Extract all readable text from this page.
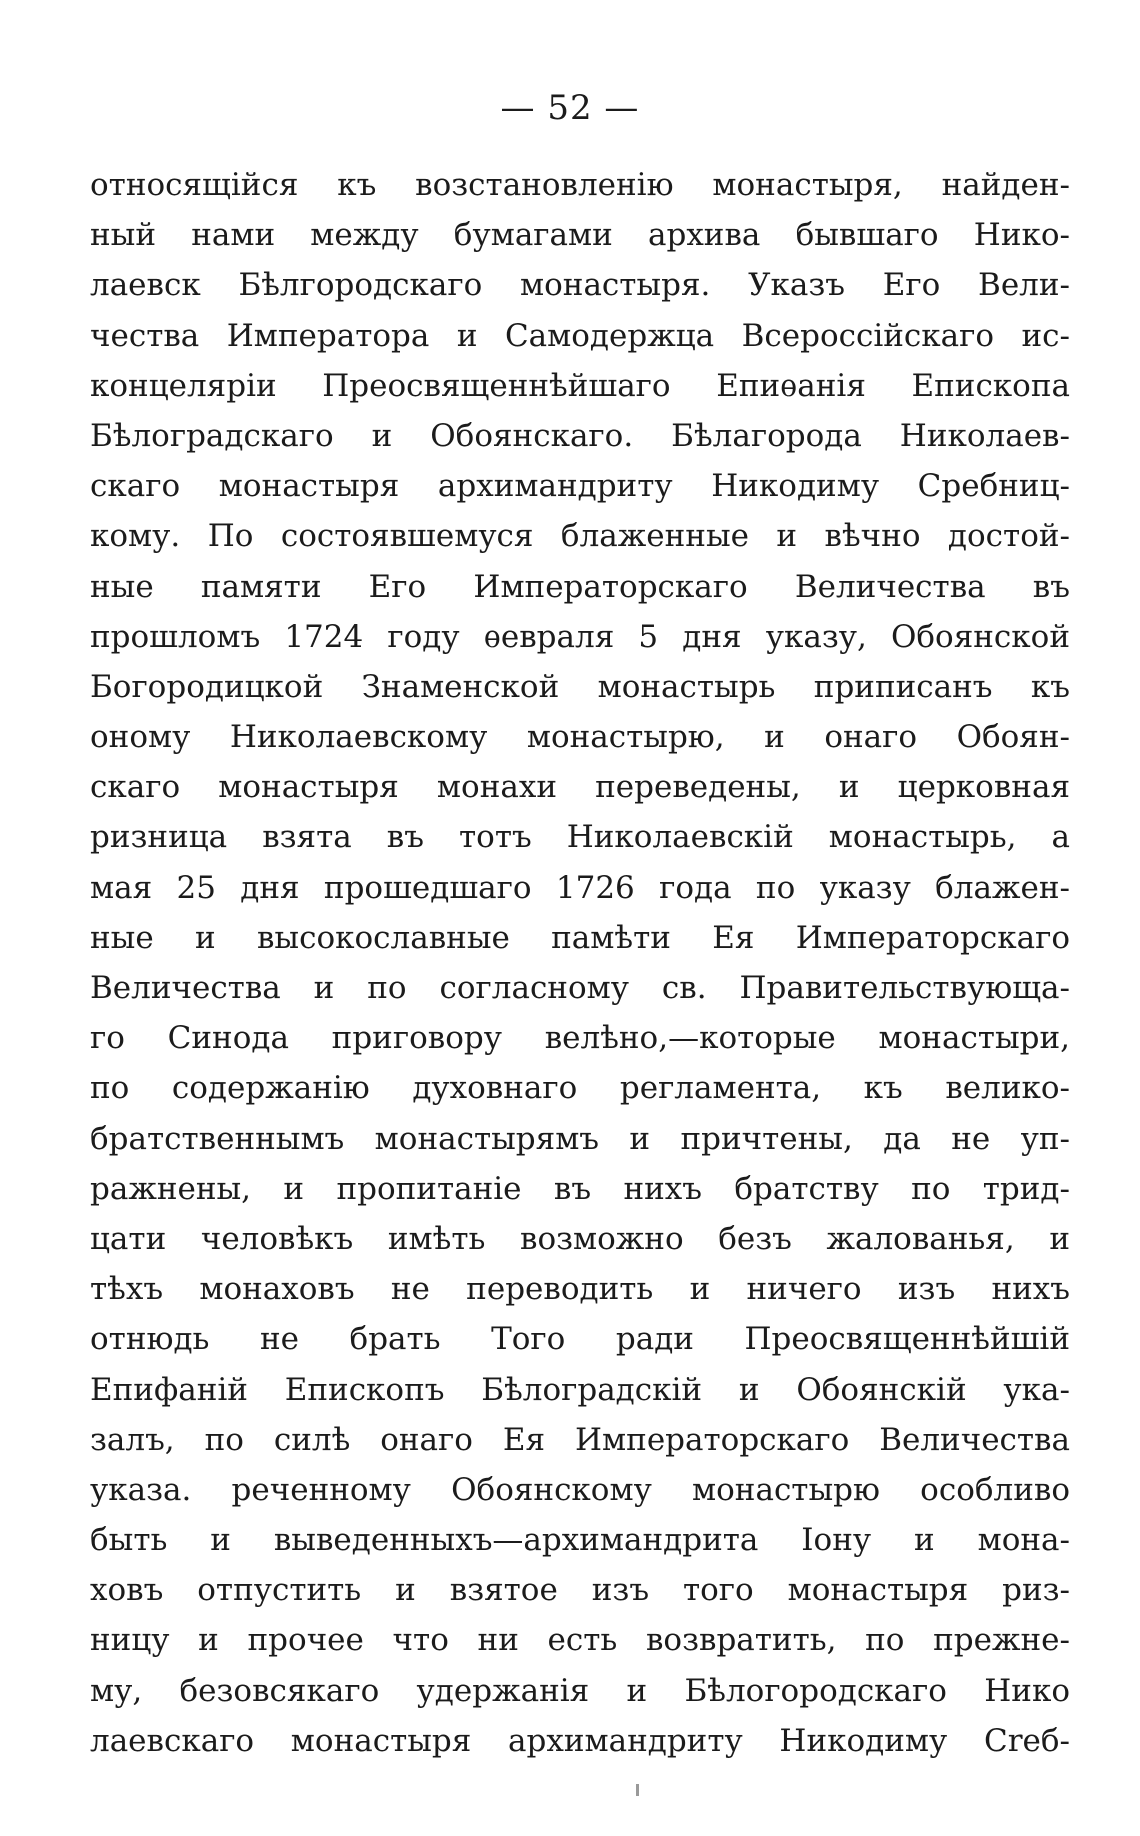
— 52 —
относящійся къ возстановленію монастыря, найден-
ный нами между бумагами архива бывшаго Нико-
лаевск Бѣлгородскаго монастыря. Указъ Его Вели-
чества Императора и Самодержца Всероссійскаго ис-
концеляріи Преосвященнѣйшаго Епиѳанія Епископа
Бѣлоградскаго и Обоянскаго. Бѣлагорода Николаев-
скаго монастыря архимандриту Никодиму Сребниц-
кому. По состоявшемуся блаженные и вѣчно достой-
ные памяти Его Императорскаго Величества въ
прошломъ 1724 году ѳевраля 5 дня указу, Обоянской
Богородицкой Знаменской монастырь приписанъ къ
оному Николаевскому монастырю, и онаго Обоян-
скаго монастыря монахи переведены, и церковная
ризница взята въ тотъ Николаевскій монастырь, а
мая 25 дня прошедшаго 1726 года по указу блажен-
ные и высокославные памѣти Ея Императорскаго
Величества и по согласному св. Правительствующа-
го Синода приговору велѣно,—которые монастыри,
по содержанію духовнаго регламента, къ велико-
братственнымъ монастырямъ и причтены, да не уп-
ражнены, и пропитаніе въ нихъ братству по трид-
цати человѣкъ имѣть возможно безъ жалованья, и
тѣхъ монаховъ не переводить и ничего изъ нихъ
отнюдь не брать Того ради Преосвященнѣйшій
Епифаній Епископъ Бѣлоградскій и Обоянскій ука-
залъ, по силѣ онаго Ея Императорскаго Величества
указа. реченному Обоянскому монастырю особливо
быть и выведенныхъ—архимандрита Іону и мона-
ховъ отпустить и взятое изъ того монастыря риз-
ницу и прочее что ни есть возвратить, по прежне-
му, безовсякаго удержанія и Бѣлогородскаго Нико
лаевскаго монастыря архимандриту Никодиму Сreб-
